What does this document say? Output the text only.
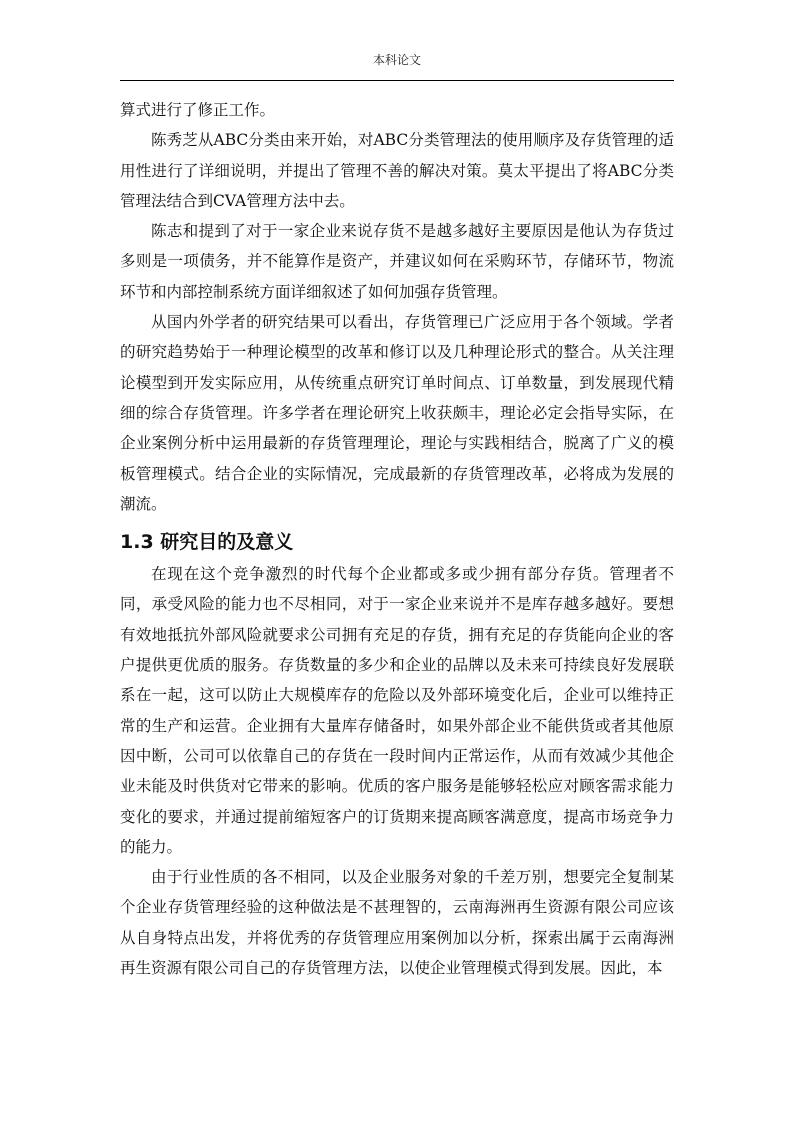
本科论文

算式进行了修正工作。

陈秀芝从ABC分类由来开始，对ABC分类管理法的使用顺序及存货管理的适用性进行了详细说明，并提出了管理不善的解决对策。莫太平提出了将ABC分类管理法结合到CVA管理方法中去。

陈志和提到了对于一家企业来说存货不是越多越好主要原因是他认为存货过多则是一项债务，并不能算作是资产，并建议如何在采购环节，存储环节，物流环节和内部控制系统方面详细叙述了如何加强存货管理。

从国内外学者的研究结果可以看出，存货管理已广泛应用于各个领域。学者的研究趋势始于一种理论模型的改革和修订以及几种理论形式的整合。从关注理论模型到开发实际应用，从传统重点研究订单时间点、订单数量，到发展现代精细的综合存货管理。许多学者在理论研究上收获颇丰，理论必定会指导实际，在企业案例分析中运用最新的存货管理理论，理论与实践相结合，脱离了广义的模板管理模式。结合企业的实际情况，完成最新的存货管理改革，必将成为发展的潮流。

1.3 研究目的及意义

在现在这个竞争激烈的时代每个企业都或多或少拥有部分存货。管理者不同，承受风险的能力也不尽相同，对于一家企业来说并不是库存越多越好。要想有效地抵抗外部风险就要求公司拥有充足的存货，拥有充足的存货能向企业的客户提供更优质的服务。存货数量的多少和企业的品牌以及未来可持续良好发展联系在一起，这可以防止大规模库存的危险以及外部环境变化后，企业可以维持正常的生产和运营。企业拥有大量库存储备时，如果外部企业不能供货或者其他原因中断，公司可以依靠自己的存货在一段时间内正常运作，从而有效减少其他企业未能及时供货对它带来的影响。优质的客户服务是能够轻松应对顾客需求能力变化的要求，并通过提前缩短客户的订货期来提高顾客满意度，提高市场竞争力的能力。

由于行业性质的各不相同，以及企业服务对象的千差万别，想要完全复制某个企业存货管理经验的这种做法是不甚理智的，云南海洲再生资源有限公司应该从自身特点出发，并将优秀的存货管理应用案例加以分析，探索出属于云南海洲再生资源有限公司自己的存货管理方法，以使企业管理模式得到发展。因此，本
